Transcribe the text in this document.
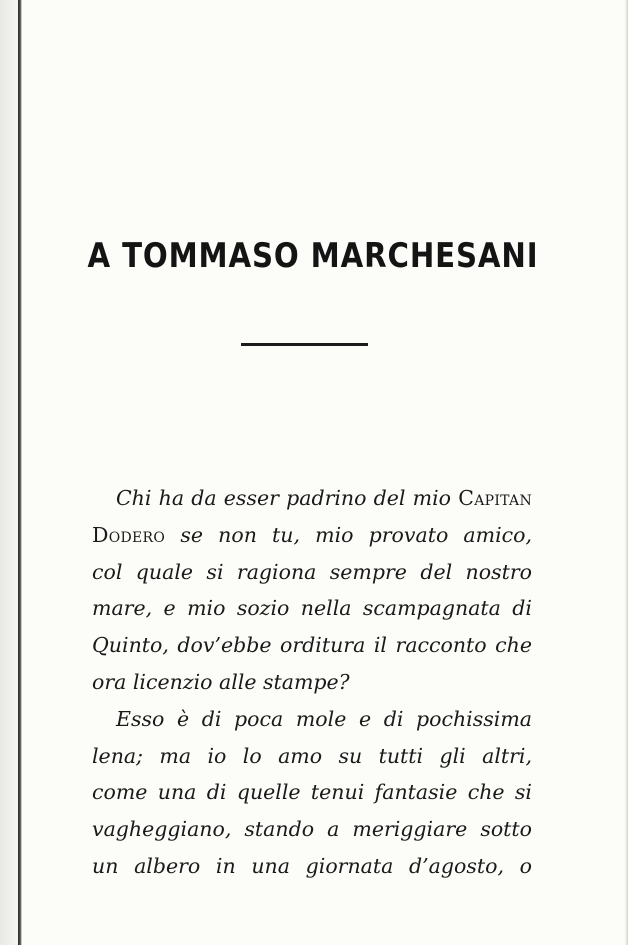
A TOMMASO MARCHESANI
Chi ha da esser padrino del mio Capitan
Dodero se non tu, mio provato amico,
col quale si ragiona sempre del nostro
mare, e mio sozio nella scampagnata di
Quinto, dov’ebbe orditura il racconto che
ora licenzio alle stampe?
Esso è di poca mole e di pochissima
lena; ma io lo amo su tutti gli altri,
come una di quelle tenui fantasie che si
vagheggiano, stando a meriggiare sotto
un albero in una giornata d’agosto, o
